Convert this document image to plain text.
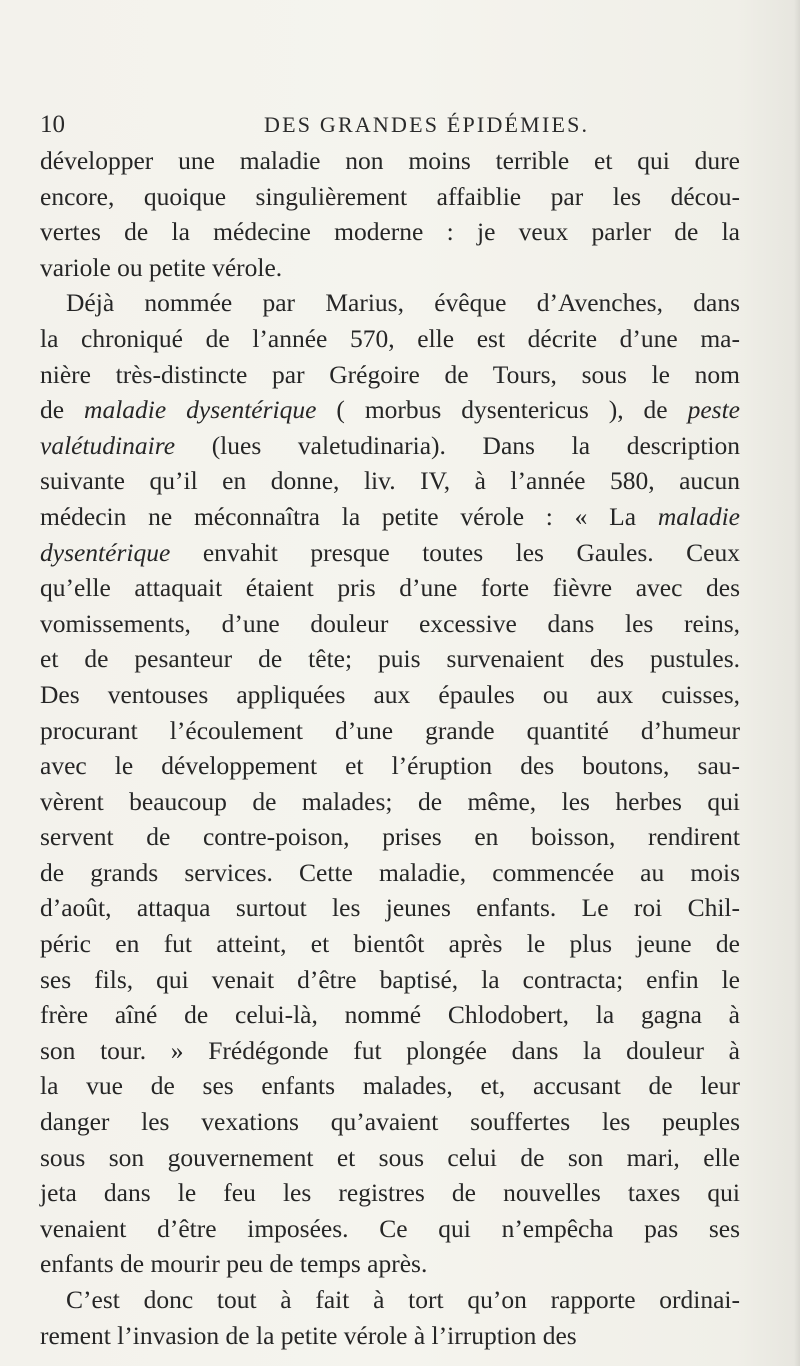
10	DES GRANDES ÉPIDÉMIES.
développer une maladie non moins terrible et qui dure
encore, quoique singulièrement affaiblie par les décou-
vertes de la médecine moderne : je veux parler de la
variole ou petite vérole.
Déjà nommée par Marius, évêque d’Avenches, dans
la chroniqué de l’année 570, elle est décrite d’une ma-
nière très-distincte par Grégoire de Tours, sous le nom
de maladie dysentérique ( morbus dysentericus ), de peste
valétudinaire (lues valetudinaria). Dans la description
suivante qu’il en donne, liv. IV, à l’année 580, aucun
médecin ne méconnaîtra la petite vérole : « La maladie
dysentérique envahit presque toutes les Gaules. Ceux
qu’elle attaquait étaient pris d’une forte fièvre avec des
vomissements, d’une douleur excessive dans les reins,
et de pesanteur de tête; puis survenaient des pustules.
Des ventouses appliquées aux épaules ou aux cuisses,
procurant l’écoulement d’une grande quantité d’humeur
avec le développement et l’éruption des boutons, sau-
vèrent beaucoup de malades; de même, les herbes qui
servent de contre-poison, prises en boisson, rendirent
de grands services. Cette maladie, commencée au mois
d’août, attaqua surtout les jeunes enfants. Le roi Chil-
péric en fut atteint, et bientôt après le plus jeune de
ses fils, qui venait d’être baptisé, la contracta; enfin le
frère aîné de celui-là, nommé Chlodobert, la gagna à
son tour. » Frédégonde fut plongée dans la douleur à
la vue de ses enfants malades, et, accusant de leur
danger les vexations qu’avaient souffertes les peuples
sous son gouvernement et sous celui de son mari, elle
jeta dans le feu les registres de nouvelles taxes qui
venaient d’être imposées. Ce qui n’empêcha pas ses
enfants de mourir peu de temps après.
C’est donc tout à fait à tort qu’on rapporte ordinai-
rement l’invasion de la petite vérole à l’irruption des
